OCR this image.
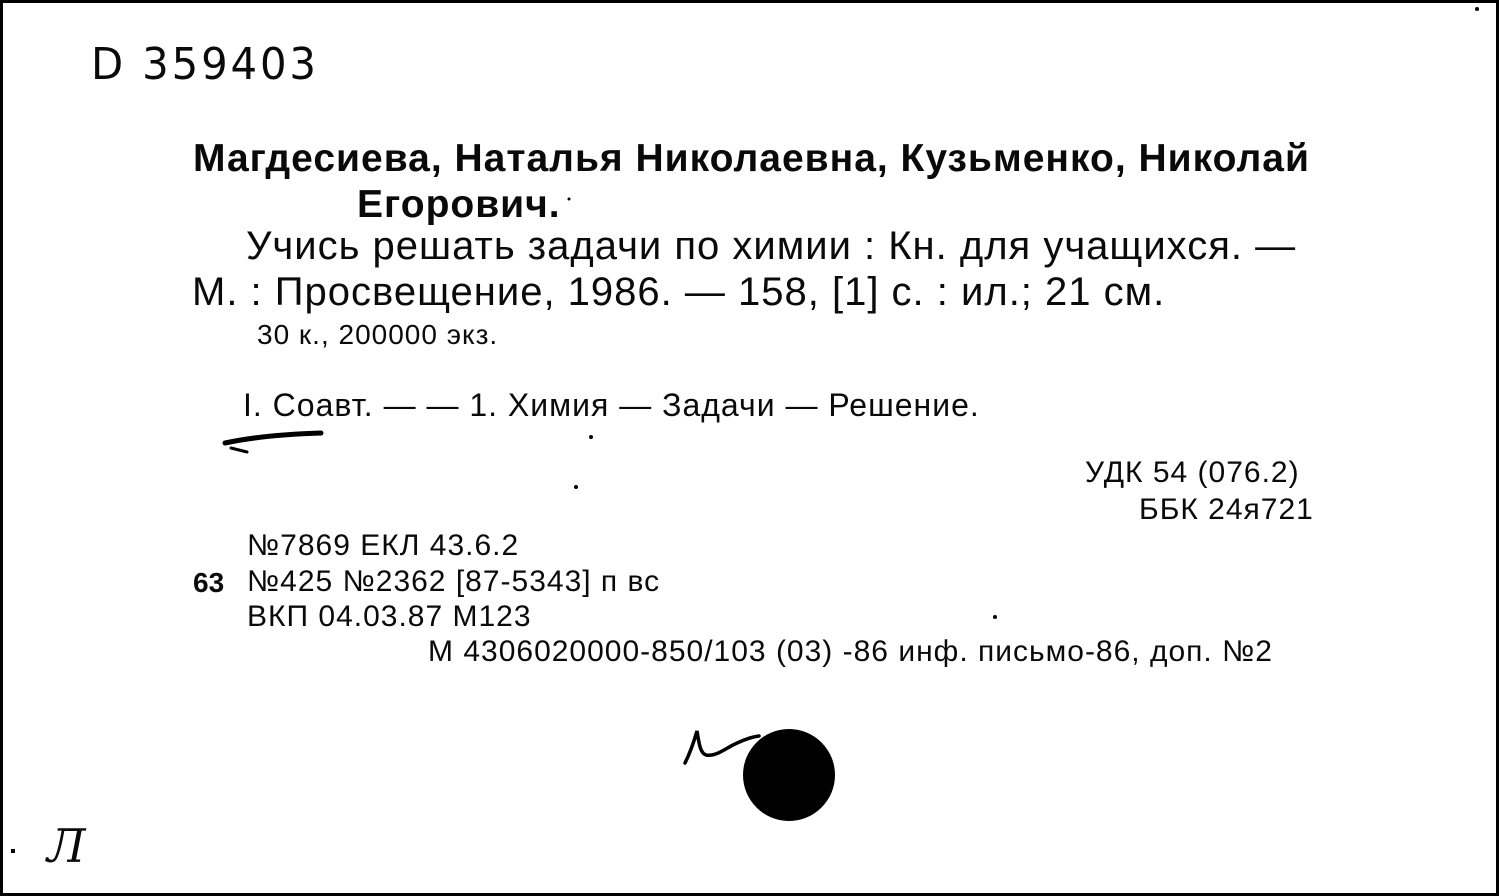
D 359403
Магдесиева, Наталья Николаевна, Кузьменко, Николай
Егорович.
Учись решать задачи по химии : Кн. для учащихся. —
М. : Просвещение, 1986. — 158, [1] с. : ил.; 21 см.
30 к., 200000 экз.
I. Соавт. — — 1. Химия — Задачи — Решение.
УДК 54 (076.2)
ББК 24я721
№7869 ЕКЛ 43.6.2
63 №425 №2362 [87-5343] п вс
ВКП 04.03.87 М123
М 4306020000-850/103 (03) -86 инф. письмо-86, доп. №2
Л
